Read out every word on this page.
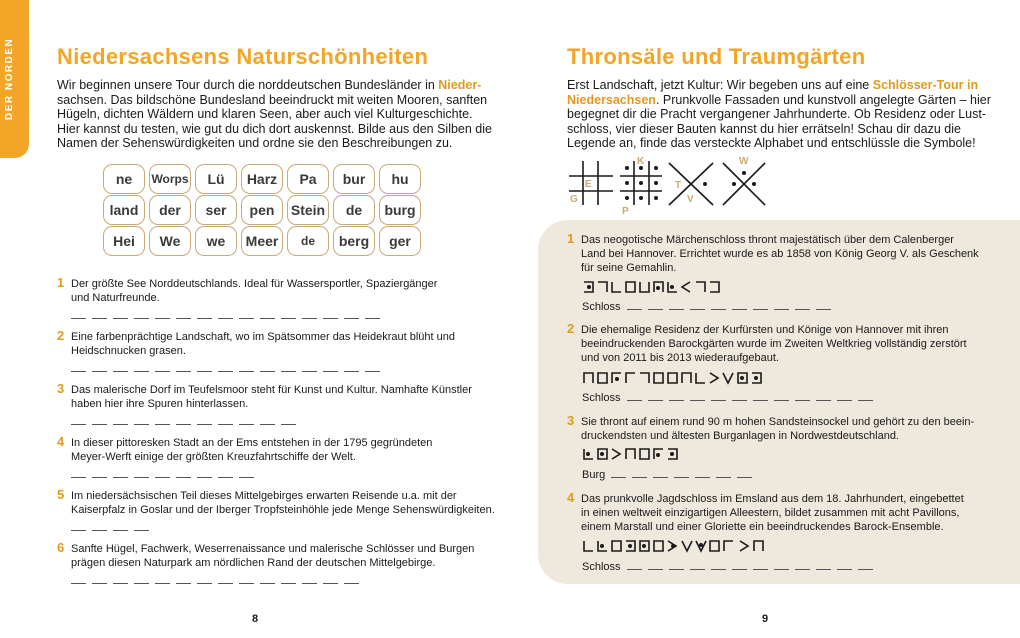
DER NORDEN Niedersachsens Naturschönheiten
Wir beginnen unsere Tour durch die norddeutschen Bundesländer in Nieder-
sachsen. Das bildschöne Bundesland beeindruckt mit weiten Mooren, sanften
Hügeln, dichten Wäldern und klaren Seen, aber auch viel Kulturgeschichte.
Hier kannst du testen, wie gut du dich dort auskennst. Bilde aus den Silben die
Namen der Sehenswürdigkeiten und ordne sie den Beschreibungen zu.
ne	Worps	Lü	Harz	Pa	bur	hu
land	der	ser	pen	Stein	de	burg
Hei	We	we	Meer	de	berg	ger
1 Der größte See Norddeutschlands. Ideal für Wassersportler, Spaziergänger
und Naturfreunde.
2 Eine farbenprächtige Landschaft, wo im Spätsommer das Heidekraut blüht und
Heidschnucken grasen.
3 Das malerische Dorf im Teufelsmoor steht für Kunst und Kultur. Namhafte Künstler
haben hier ihre Spuren hinterlassen.
4 In dieser pittoresken Stadt an der Ems entstehen in der 1795 gegründeten
Meyer-Werft einige der größten Kreuzfahrtschiffe der Welt.
5 Im niedersächsischen Teil dieses Mittelgebirges erwarten Reisende u.a. mit der
Kaiserpfalz in Goslar und der Iberger Tropfsteinhöhle jede Menge Sehenswürdigkeiten.
6 Sanfte Hügel, Fachwerk, Weserrenaissance und malerische Schlösser und Burgen
prägen diesen Naturpark am nördlichen Rand der deutschen Mittelgebirge.
8
Thronsäle und Traumgärten
Erst Landschaft, jetzt Kultur: Wir begeben uns auf eine Schlösser-Tour in
Niedersachsen. Prunkvolle Fassaden und kunstvoll angelegte Gärten – hier
begegnet dir die Pracht vergangener Jahrhunderte. Ob Residenz oder Lust-
schloss, vier dieser Bauten kannst du hier errätseln! Schau dir dazu die
Legende an, finde das versteckte Alphabet und entschlüssle die Symbole!
E
G
K
P
T
V
W
1 Das neogotische Märchenschloss thront majestätisch über dem Calenberger
Land bei Hannover. Errichtet wurde es ab 1858 von König Georg V. als Geschenk
für seine Gemahlin.
Schloss
2 Die ehemalige Residenz der Kurfürsten und Könige von Hannover mit ihren
beeindruckenden Barockgärten wurde im Zweiten Weltkrieg vollständig zerstört
und von 2011 bis 2013 wiederaufgebaut.
Schloss
3 Sie thront auf einem rund 90 m hohen Sandsteinsockel und gehört zu den beein-
druckendsten und ältesten Burganlagen in Nordwestdeutschland.
Burg
4 Das prunkvolle Jagdschloss im Emsland aus dem 18. Jahrhundert, eingebettet
in einen weltweit einzigartigen Alleestern, bildet zusammen mit acht Pavillons,
einem Marstall und einer Gloriette ein beeindruckendes Barock-Ensemble.
Schloss
9
